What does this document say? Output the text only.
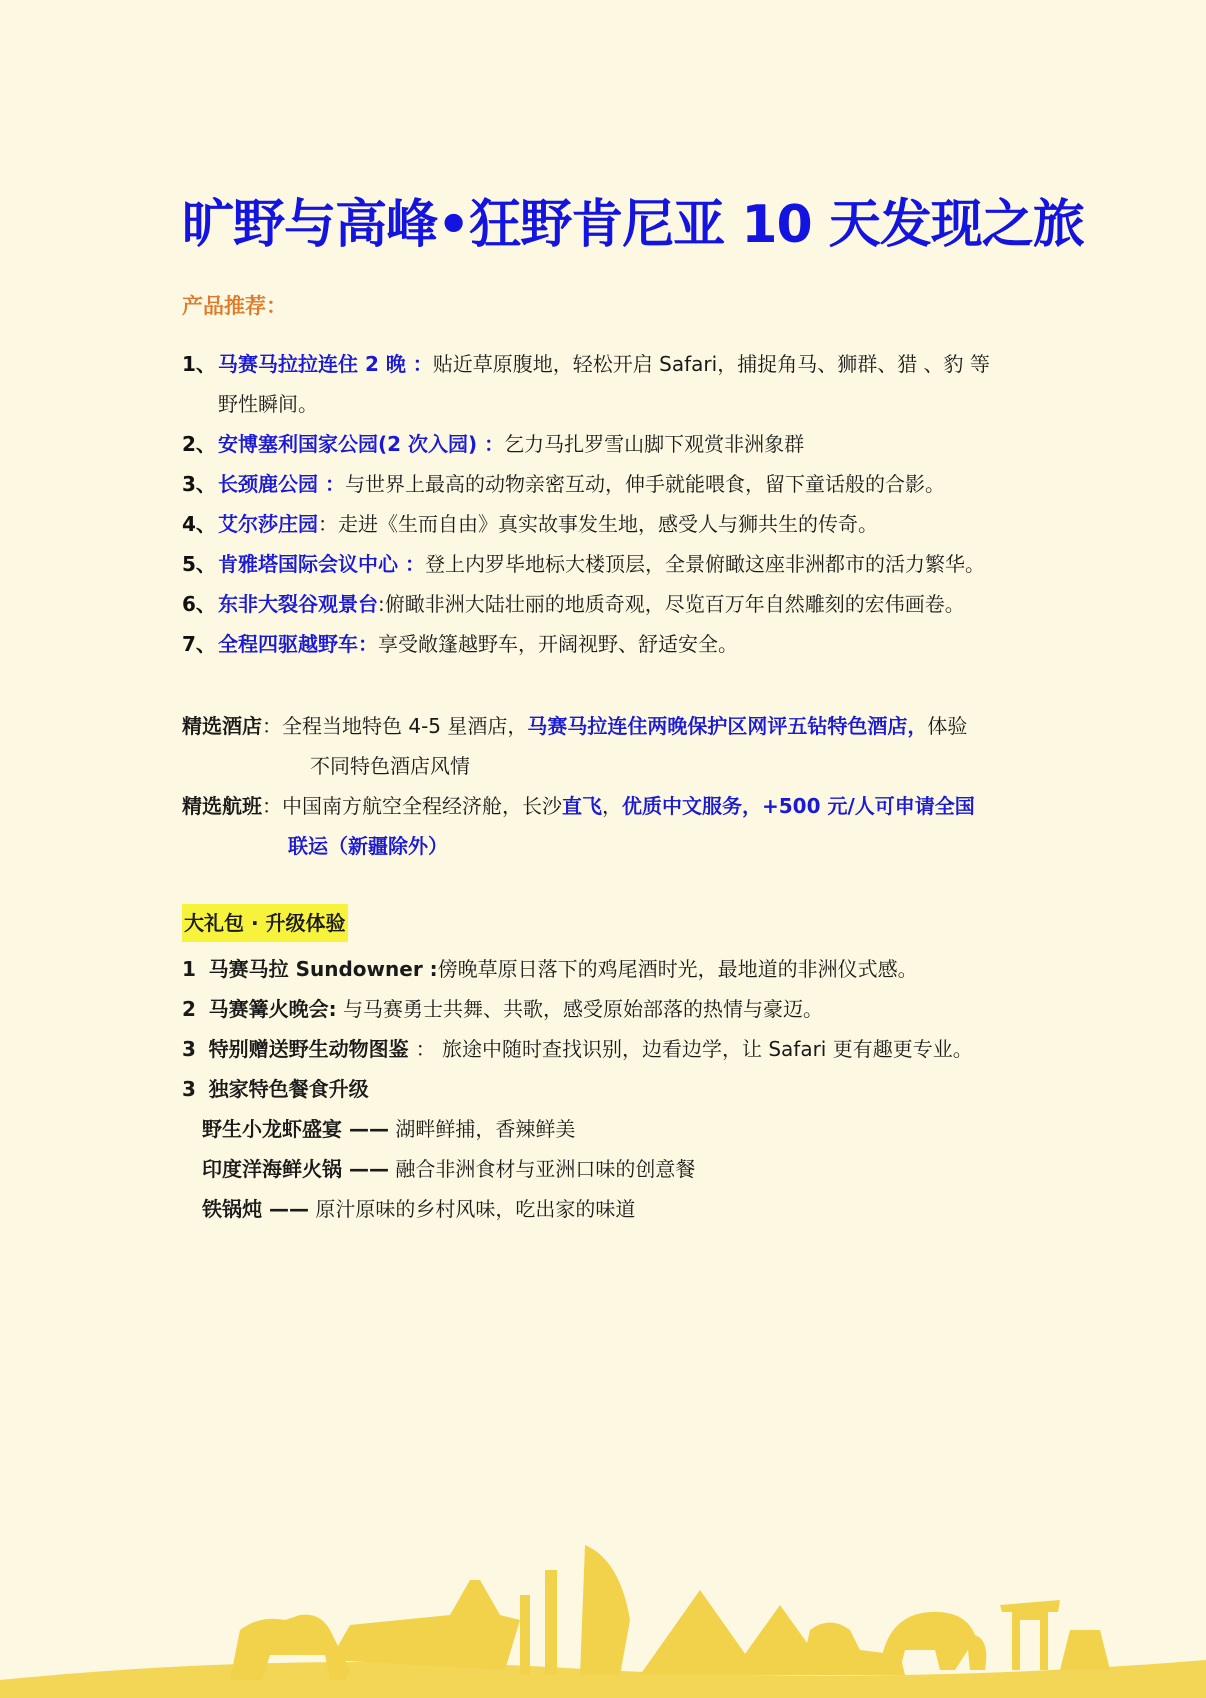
旷野与高峰•狂野肯尼亚 10 天发现之旅
产品推荐：
1、 马赛马拉拉连住 2 晚 ： 贴近草原腹地，轻松开启 Safari，捕捉角马、狮群、猎 、豹 等
野性瞬间。
2、 安博塞利国家公园(2 次入园) ： 乞力马扎罗雪山脚下观赏非洲象群
3、 长颈鹿公园 ： 与世界上最高的动物亲密互动，伸手就能喂食，留下童话般的合影。
4、 艾尔莎庄园 ：走进《生而自由》真实故事发生地，感受人与狮共生的传奇。
5、 肯雅塔国际会议中心 ： 登上内罗毕地标大楼顶层，全景俯瞰这座非洲都市的活力繁华。
6、 东非大裂谷观景台 :俯瞰非洲大陆壮丽的地质奇观，尽览百万年自然雕刻的宏伟画卷。
7、 全程四驱越野车： 享受敞篷越野车，开阔视野、舒适安全。
精选酒店：全程当地特色 4-5 星酒店，马赛马拉连住两晚保护区网评五钻特色酒店，体验
不同特色酒店风情
精选航班：中国南方航空全程经济舱，长沙直飞，优质中文服务，+500 元/人可申请全国
联运（新疆除外）
大礼包 · 升级体验
1 马赛马拉 Sundowner :傍晚草原日落下的鸡尾酒时光，最地道的非洲仪式感。
2 马赛篝火晚会: 与马赛勇士共舞、共歌，感受原始部落的热情与豪迈。
3 特别赠送野生动物图鉴 ： 旅途中随时查找识别，边看边学，让 Safari 更有趣更专业。
3 独家特色餐食升级
野生小龙虾盛宴 —— 湖畔鲜捕，香辣鲜美
印度洋海鲜火锅 —— 融合非洲食材与亚洲口味的创意餐
铁锅炖 —— 原汁原味的乡村风味，吃出家的味道
